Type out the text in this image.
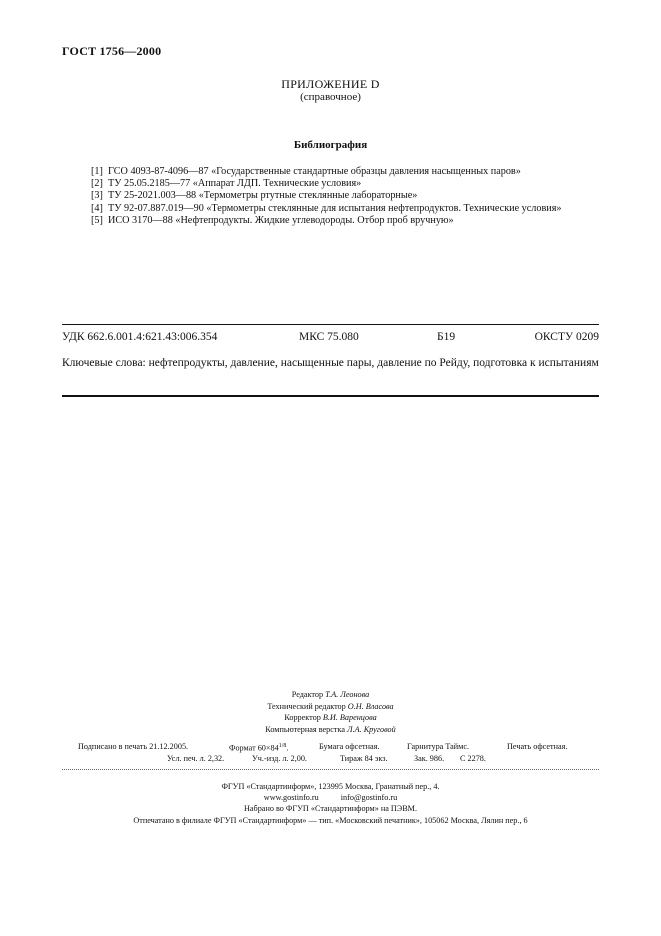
ГОСТ 1756—2000
ПРИЛОЖЕНИЕ D
(справочное)
Библиография
[1] ГСО 4093-87-4096—87 «Государственные стандартные образцы давления насыщенных паров»
[2] ТУ 25.05.2185—77 «Аппарат ЛДП. Технические условия»
[3] ТУ 25-2021.003—88 «Термометры ртутные стеклянные лабораторные»
[4] ТУ 92-07.887.019—90 «Термометры стеклянные для испытания нефтепродуктов. Технические условия»
[5] ИСО 3170—88 «Нефтепродукты. Жидкие углеводороды. Отбор проб вручную»
УДК 662.6.001.4:621.43:006.354	МКС 75.080	Б19	ОКСТУ 0209
Ключевые слова: нефтепродукты, давление, насыщенные пары, давление по Рейду, подготовка к испытаниям
Редактор Т.А. Леонова
Технический редактор О.Н. Власова
Корректор В.И. Варенцова
Компьютерная верстка Л.А. Круговой
Подписано в печать 21.12.2005.	Формат $60\times 84^{1/8}$.	Бумага офсетная.	Гарнитура Таймс.	Печать офсетная.
Усл. печ. л. 2,32.	Уч.-изд. л. 2,00.	Тираж 84 экз.	Зак. 986. С 2278.
ФГУП «Стандартинформ», 123995 Москва, Гранатный пер., 4.
www.gostinfo.ru	info@gostinfo.ru
Набрано во ФГУП «Стандартинформ» на ПЭВМ.
Отпечатано в филиале ФГУП «Стандартинформ» — тип. «Московский печатник», 105062 Москва, Лялин пер., 6
